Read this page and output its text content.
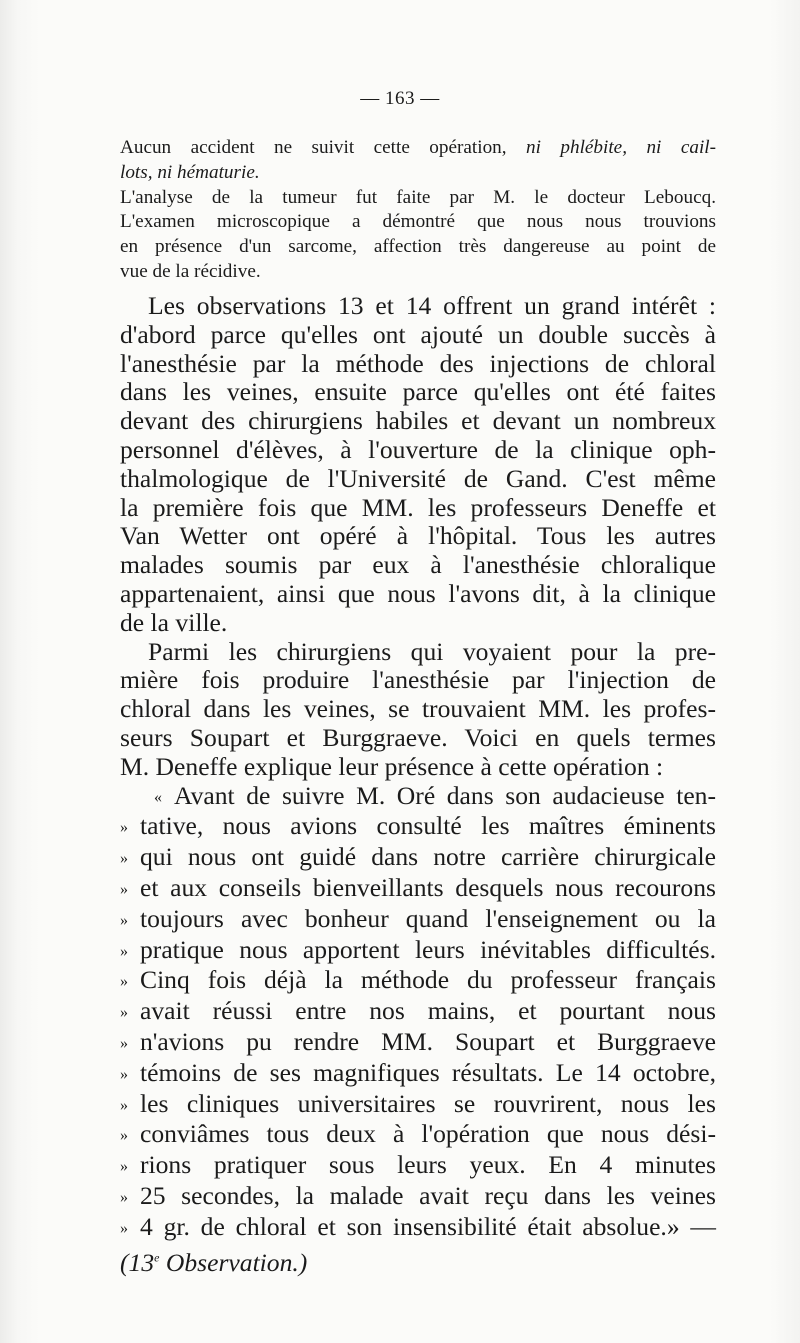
— 163 —
Aucun accident ne suivit cette opération, ni phlébite, ni cail-
lots, ni hématurie.
L'analyse de la tumeur fut faite par M. le docteur Leboucq.
L'examen microscopique a démontré que nous nous trouvions
en présence d'un sarcome, affection très dangereuse au point de
vue de la récidive.
Les observations 13 et 14 offrent un grand intérêt :
d'abord parce qu'elles ont ajouté un double succès à
l'anesthésie par la méthode des injections de chloral
dans les veines, ensuite parce qu'elles ont été faites
devant des chirurgiens habiles et devant un nombreux
personnel d'élèves, à l'ouverture de la clinique oph-
thalmologique de l'Université de Gand. C'est même
la première fois que MM. les professeurs Deneffe et
Van Wetter ont opéré à l'hôpital. Tous les autres
malades soumis par eux à l'anesthésie chloralique
appartenaient, ainsi que nous l'avons dit, à la clinique
de la ville.
Parmi les chirurgiens qui voyaient pour la pre-
mière fois produire l'anesthésie par l'injection de
chloral dans les veines, se trouvaient MM. les profes-
seurs Soupart et Burggraeve. Voici en quels termes
M. Deneffe explique leur présence à cette opération :
« Avant de suivre M. Oré dans son audacieuse ten-
» tative, nous avions consulté les maîtres éminents
» qui nous ont guidé dans notre carrière chirurgicale
» et aux conseils bienveillants desquels nous recourons
» toujours avec bonheur quand l'enseignement ou la
» pratique nous apportent leurs inévitables difficultés.
» Cinq fois déjà la méthode du professeur français
» avait réussi entre nos mains, et pourtant nous
» n'avions pu rendre MM. Soupart et Burggraeve
» témoins de ses magnifiques résultats. Le 14 octobre,
» les cliniques universitaires se rouvrirent, nous les
» conviâmes tous deux à l'opération que nous dési-
» rions pratiquer sous leurs yeux. En 4 minutes
» 25 secondes, la malade avait reçu dans les veines
» 4 gr. de chloral et son insensibilité était absolue.» —
(13e Observation.)
